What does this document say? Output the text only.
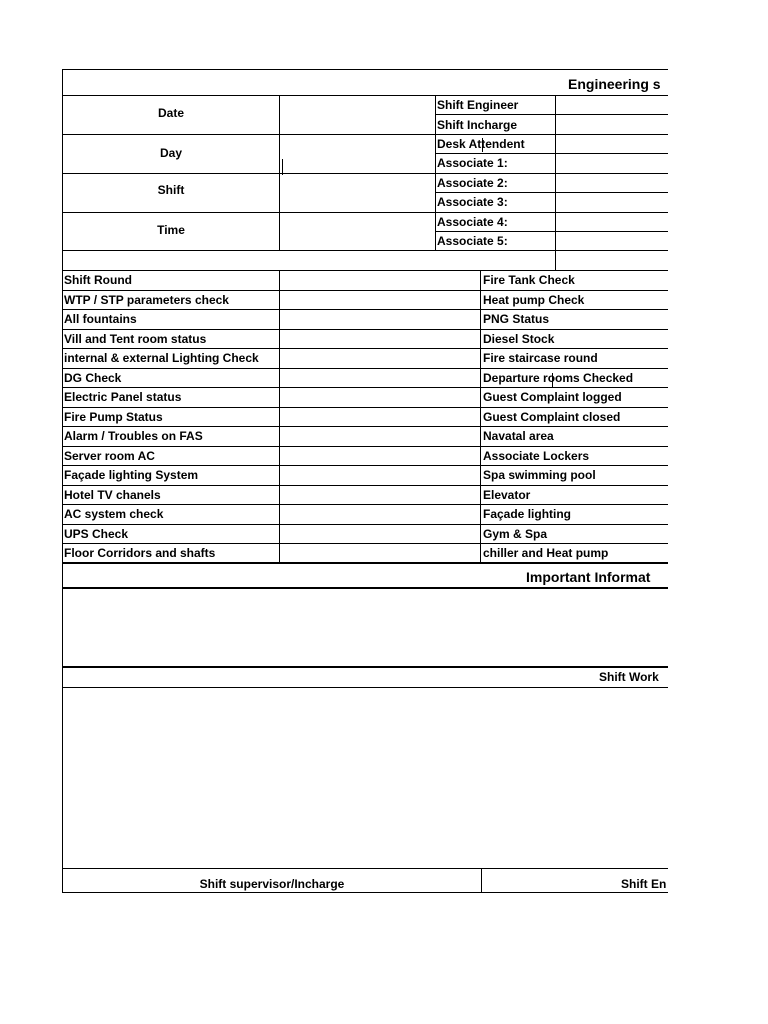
Engineering s
Date
Day
Shift
Time
Shift Engineer
Shift Incharge
Desk Attendent
Associate 1:
Associate 2:
Associate 3:
Associate 4:
Associate 5:
Shift Round
WTP / STP parameters check
All fountains
Vill and Tent room status
internal & external Lighting Check
DG Check
Electric Panel status
Fire Pump Status
Alarm / Troubles on FAS
Server room AC
Façade lighting System
Hotel TV chanels
AC system check
UPS Check
Floor Corridors and shafts
Fire Tank Check
Heat pump Check
PNG Status
Diesel Stock
Fire staircase round
Departure rooms Checked
Guest Complaint logged
Guest Complaint closed
Navatal area
Associate Lockers
Spa swimming pool
Elevator
Façade lighting
Gym & Spa
chiller and Heat pump
Important Informat
Shift Work
Shift supervisor/Incharge	Shift En
